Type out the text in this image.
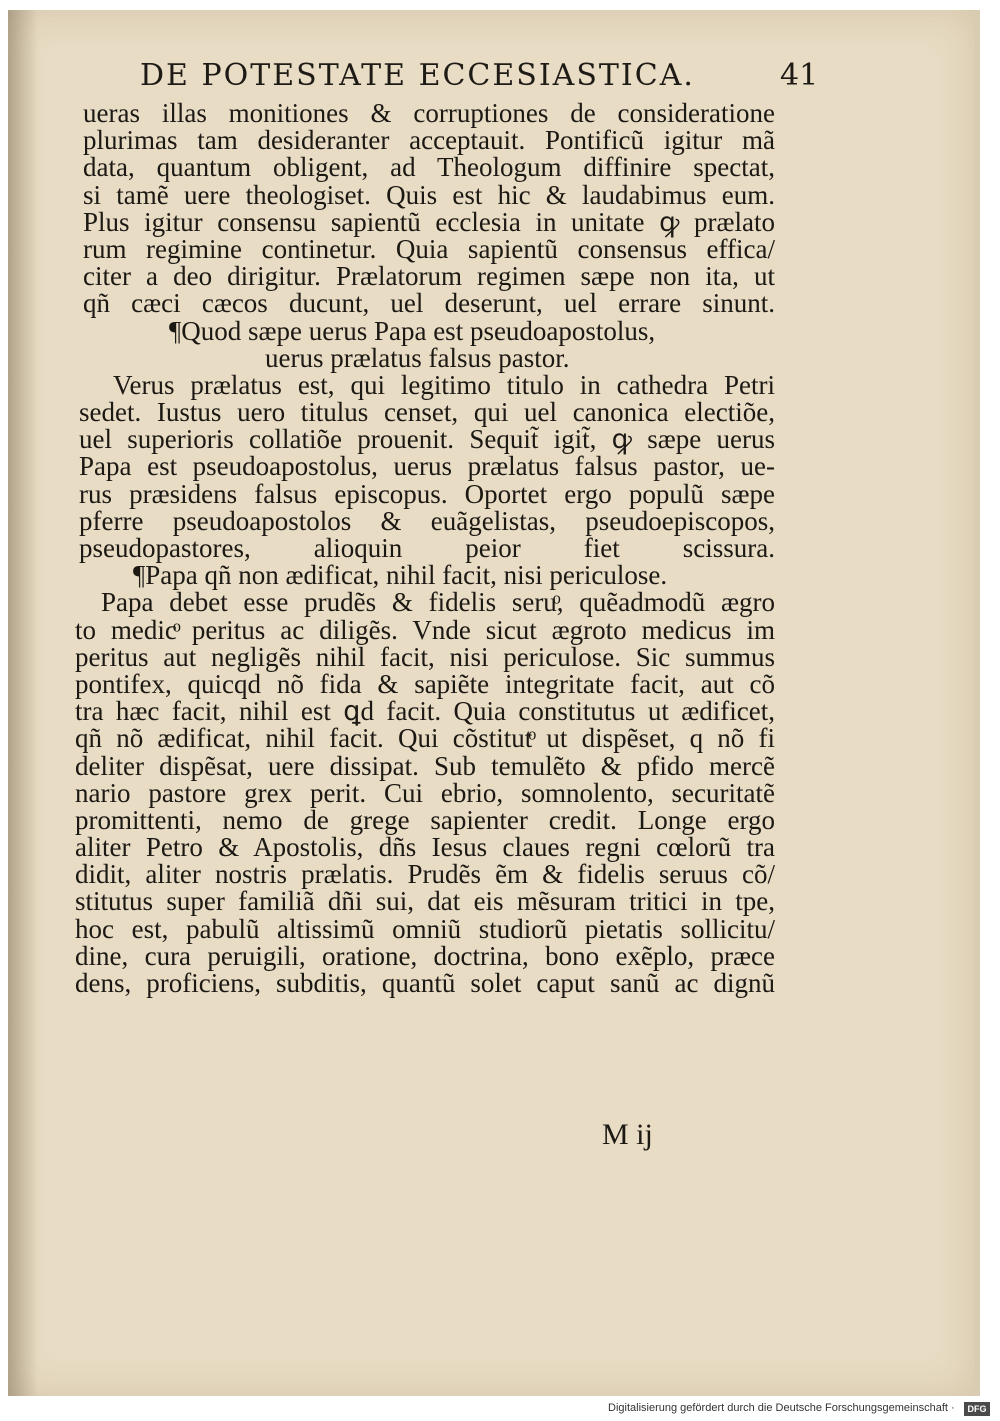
DE POTESTATE ECCESIASTICA.	41
ueras illas monitiones & corruptiones de consideratione
plurimas tam desideranter acceptauit. Pontificũ igitur mã
data, quantum obligent, ad Theologum diffinire spectat,
si tamẽ uere theologiset. Quis est hic & laudabimus eum.
Plus igitur consensu sapientũ ecclesia in unitate ꝙ prælato
rum regimine continetur. Quia sapientũ consensus effica/
citer a deo dirigitur. Prælatorum regimen sæpe non ita, ut
qñ cæci cæcos ducunt, uel deserunt, uel errare sinunt.
¶Quod sæpe uerus Papa est pseudoapostolus,
uerus prælatus falsus pastor.
Verus prælatus est, qui legitimo titulo in cathedra Petri
sedet. Iustus uero titulus censet, qui uel canonica electiõe,
uel superioris collatiõe prouenit. Sequit̃ igit̃, ꝙ sæpe uerus
Papa est pseudoapostolus, uerus prælatus falsus pastor, ue-
rus præsidens falsus episcopus. Oportet ergo populũ sæpe
pferre pseudoapostolos & euãgelistas, pseudoepiscopos,
pseudopastores, alioquin peior fiet scissura.
¶Papa qñ non ædificat, nihil facit, nisi periculose.
Papa debet esse prudẽs & fidelis seruͦ, quẽadmodũ ægro
to medicͦ peritus ac diligẽs. Vnde sicut ægroto medicus im
peritus aut negligẽs nihil facit, nisi periculose. Sic summus
pontifex, quicqd nõ fida & sapiẽte integritate facit, aut cõ
tra hæc facit, nihil est ꝗd facit. Quia constitutus ut ædificet,
qñ nõ ædificat, nihil facit. Qui cõstitutͦ ut dispẽset, q nõ fi
deliter dispẽsat, uere dissipat. Sub temulẽto & pfido mercẽ
nario pastore grex perit. Cui ebrio, somnolento, securitatẽ
promittenti, nemo de grege sapienter credit. Longe ergo
aliter Petro & Apostolis, dñs Iesus claues regni cœlorũ tra
didit, aliter nostris prælatis. Prudẽs ẽm & fidelis seruus cõ/
stitutus super familiã dñi sui, dat eis mẽsuram tritici in tpe,
hoc est, pabulũ altissimũ omniũ studiorũ pietatis sollicitu/
dine, cura peruigili, oratione, doctrina, bono exẽplo, præce
dens, proficiens, subditis, quantũ solet caput sanũ ac dignũ
M ij
Digitalisierung gefördert durch die Deutsche Forschungsgemeinschaft ·	DFG
